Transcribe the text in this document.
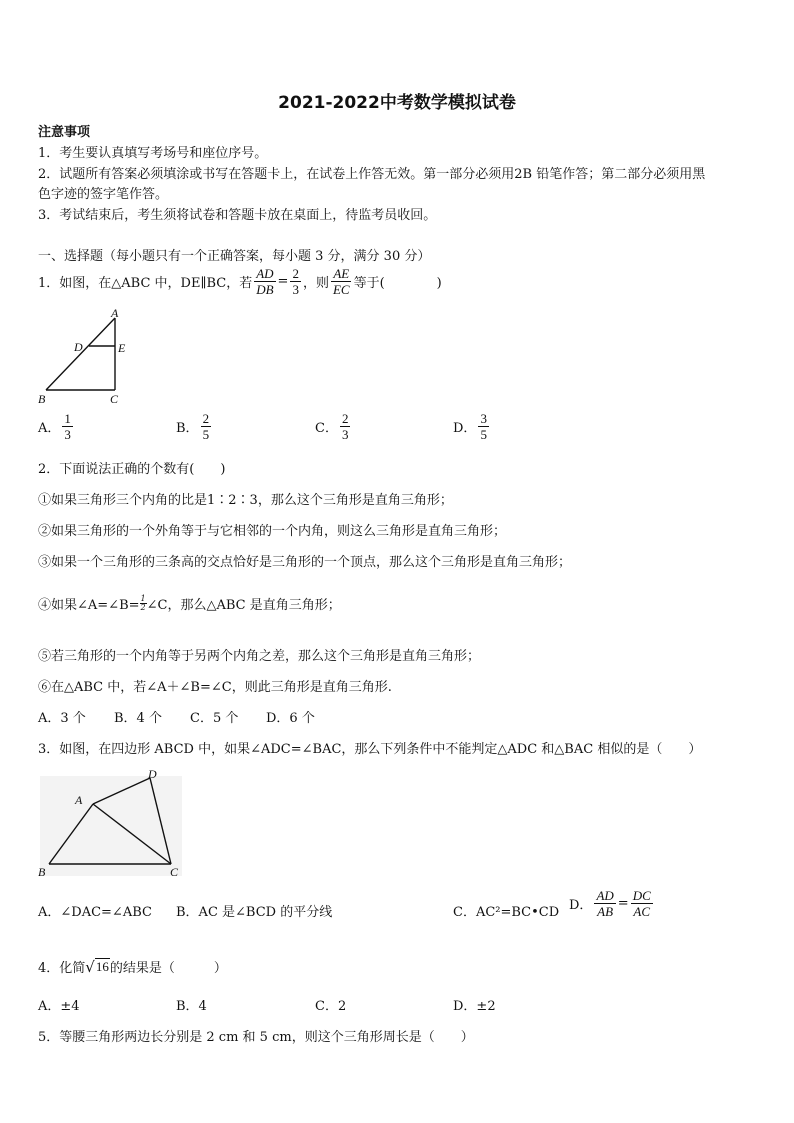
2021-2022中考数学模拟试卷
注意事项
1．考生要认真填写考场号和座位序号。
2．试题所有答案必须填涂或书写在答题卡上，在试卷上作答无效。第一部分必须用2B 铅笔作答；第二部分必须用黑
色字迹的签字笔作答。
3．考试结束后，考生须将试卷和答题卡放在桌面上，待监考员收回。
一、选择题（每小题只有一个正确答案，每小题 3 分，满分 30 分）
1．如图，在△ABC 中，DE∥BC，若 $\frac{AD}{DB} = \frac{2}{3}$ ，则 $\frac{AE}{EC}$ 等于(　　　　)
A
D	E
B	C
A． $\frac{1}{3}$	B． $\frac{2}{5}$	C． $\frac{2}{3}$	D． $\frac{3}{5}$
2．下面说法正确的个数有(　　)
①如果三角形三个内角的比是1∶2∶3，那么这个三角形是直角三角形；
②如果三角形的一个外角等于与它相邻的一个内角，则这么三角形是直角三角形；
③如果一个三角形的三条高的交点恰好是三角形的一个顶点，那么这个三角形是直角三角形；
④如果∠A=∠B= $\frac{1}{2}$ ∠C，那么△ABC 是直角三角形；
⑤若三角形的一个内角等于另两个内角之差，那么这个三角形是直角三角形；
⑥在△ABC 中，若∠A＋∠B=∠C，则此三角形是直角三角形.
A．3 个 B．4 个 C．5 个 D．6 个
3．如图，在四边形 ABCD 中，如果∠ADC=∠BAC，那么下列条件中不能判定△ADC 和△BAC 相似的是（　　）
A
D
B	C
A．∠DAC=∠ABC B．AC 是∠BCD 的平分线	C．AC²=BC•CD D． $\frac{AD}{AB} = \frac{DC}{AC}$
4．化简 √ 16 的结果是（　　　）
A．±4	B．4	C．2	D．±2
5．等腰三角形两边长分别是 2 cm 和 5 cm，则这个三角形周长是（　　）
